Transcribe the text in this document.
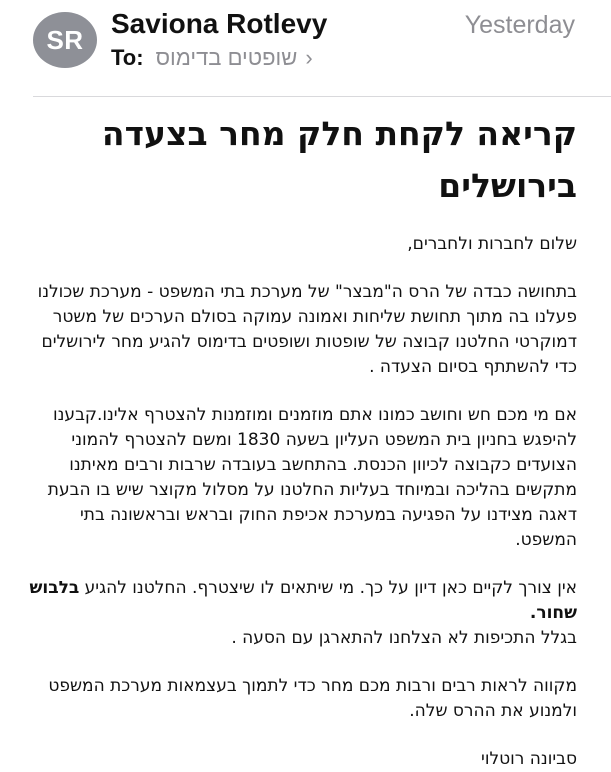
SR
Saviona Rotlevy	Yesterday
To: שופטים בדימוס ›
קריאה לקחת חלק מחר בצעדה בירושלים
שלום לחברות ולחברים,
בתחושה כבדה של הרס ה"מבצר" של מערכת בתי המשפט - מערכת שכולנו פעלנו בה מתוך תחושת שליחות ואמונה עמוקה בסולם הערכים של משטר דמוקרטי החלטנו קבוצה של שופטות ושופטים בדימוס להגיע מחר לירושלים כדי להשתתף בסיום הצעדה .
אם מי מכם חש וחושב כמונו אתם מוזמנים ומוזמנות להצטרף אלינו.קבענו להיפגש בחניון בית המשפט העליון בשעה 1830 ומשם להצטרף להמוני הצועדים כקבוצה לכיוון הכנסת. בהתחשב בעובדה שרבות ורבים מאיתנו מתקשים בהליכה ובמיוחד בעליות החלטנו על מסלול מקוצר שיש בו הבעת דאגה מצידנו על הפגיעה במערכת אכיפת החוק ובראש ובראשונה בתי המשפט.
אין צורך לקיים כאן דיון על כך. מי שיתאים לו שיצטרף. החלטנו להגיע בלבוש שחור.
בגלל התכיפות לא הצלחנו להתארגן עם הסעה .
מקווה לראות רבים ורבות מכם מחר כדי לתמוך בעצמאות מערכת המשפט ולמנוע את ההרס שלה.
סביונה רוטלוי
